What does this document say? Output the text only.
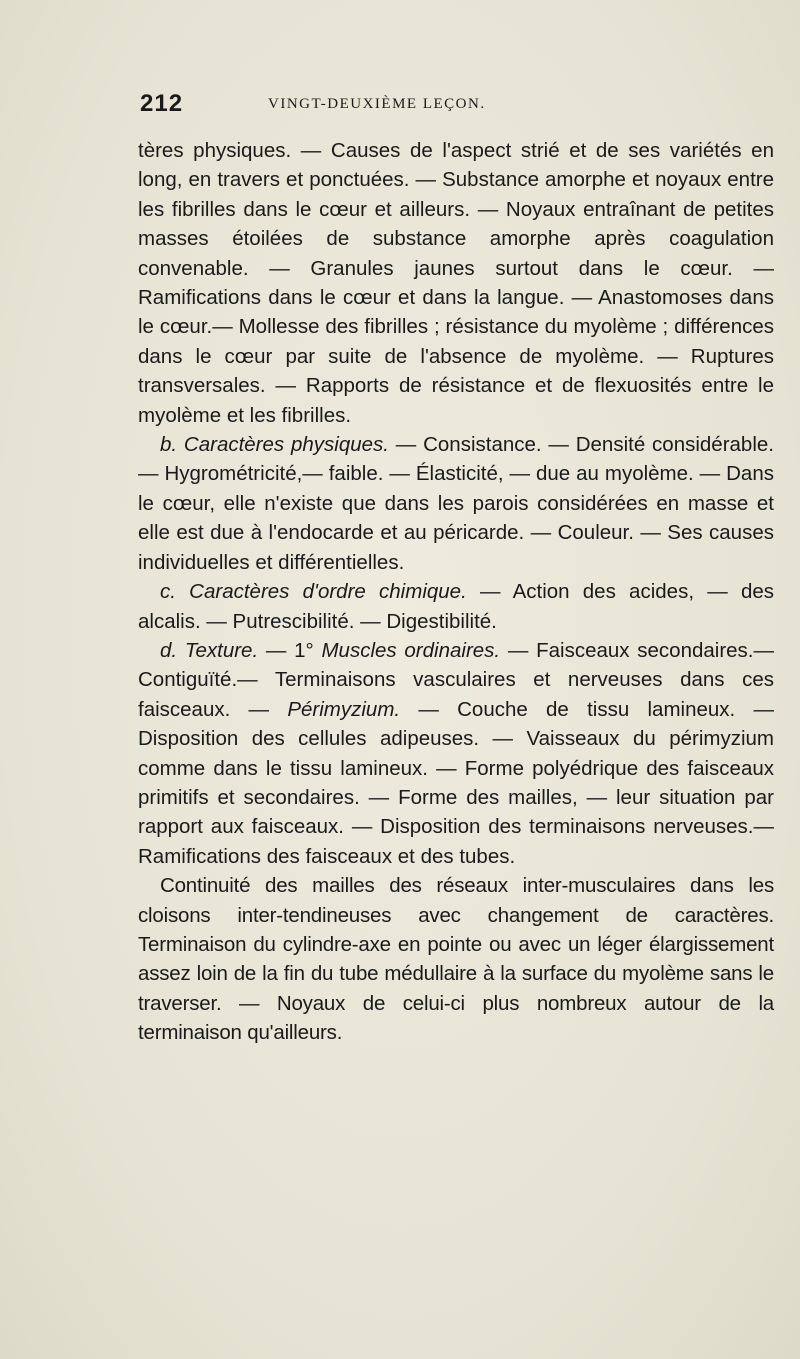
212	VINGT-DEUXIÈME LEÇON.

tères physiques. — Causes de l'aspect strié et de ses variétés en long, en travers et ponctuées. — Substance amorphe et noyaux entre les fibrilles dans le cœur et ailleurs. — Noyaux entraînant de petites masses étoilées de substance amorphe après coagulation convenable. — Granules jaunes surtout dans le cœur. — Ramifications dans le cœur et dans la langue. — Anastomoses dans le cœur.— Mollesse des fibrilles ; résistance du myolème ; différences dans le cœur par suite de l'absence de myolème. — Ruptures transversales. — Rapports de résistance et de flexuosités entre le myolème et les fibrilles.

b. Caractères physiques. — Consistance. — Densité considérable. — Hygrométricité,— faible. — Élasticité, — due au myolème. — Dans le cœur, elle n'existe que dans les parois considérées en masse et elle est due à l'endocarde et au péricarde. — Couleur. — Ses causes individuelles et différentielles.

c. Caractères d'ordre chimique. — Action des acides, — des alcalis. — Putrescibilité. — Digestibilité.

d. Texture. — 1° Muscles ordinaires. — Faisceaux secondaires.— Contiguïté.— Terminaisons vasculaires et nerveuses dans ces faisceaux. — Périmyzium. — Couche de tissu lamineux. — Disposition des cellules adipeuses. — Vaisseaux du périmyzium comme dans le tissu lamineux. — Forme polyédrique des faisceaux primitifs et secondaires. — Forme des mailles, — leur situation par rapport aux faisceaux. — Disposition des terminaisons nerveuses.—Ramifications des faisceaux et des tubes.

Continuité des mailles des réseaux inter-musculaires dans les cloisons inter-tendineuses avec changement de caractères. Terminaison du cylindre-axe en pointe ou avec un léger élargissement assez loin de la fin du tube médullaire à la surface du myolème sans le traverser. — Noyaux de celui-ci plus nombreux autour de la terminaison qu'ailleurs.
